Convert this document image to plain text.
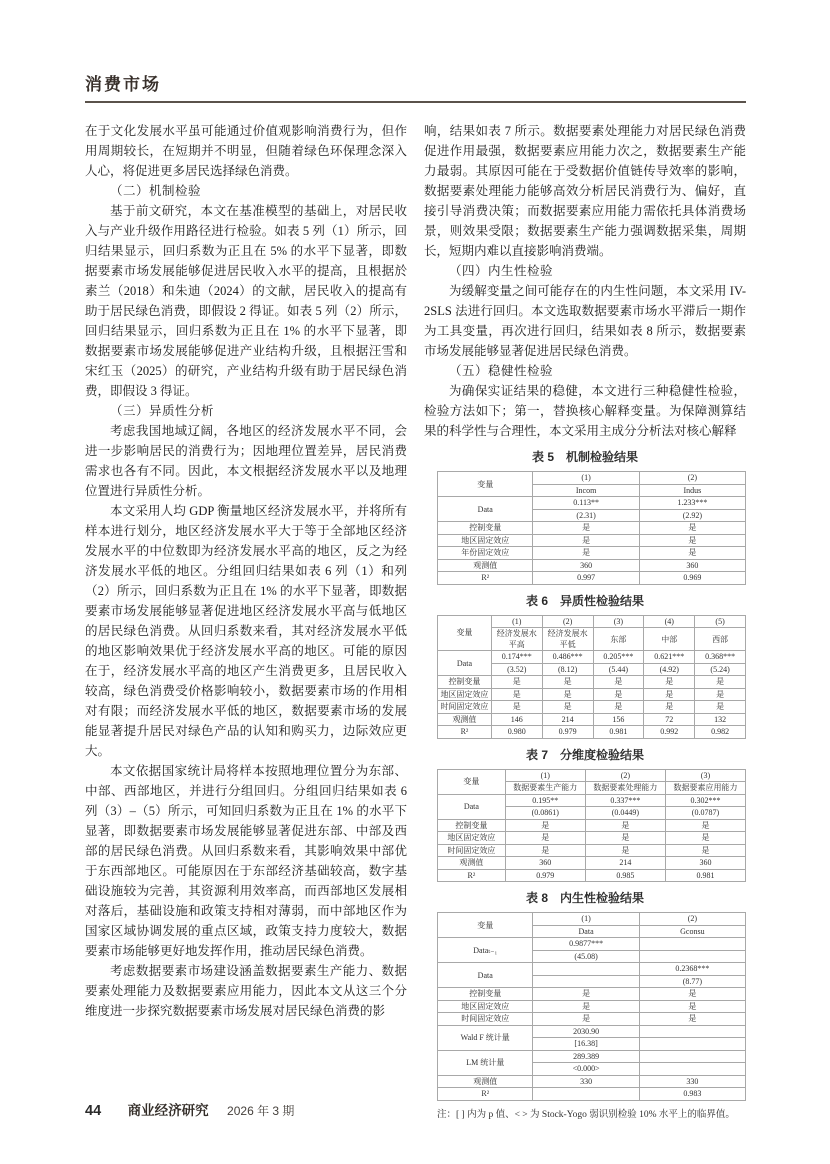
消费市场

在于文化发展水平虽可能通过价值观影响消费行为，但作用周期较长，在短期并不明显，但随着绿色环保理念深入人心，将促进更多居民选择绿色消费。

（二）机制检验

基于前文研究，本文在基准模型的基础上，对居民收入与产业升级作用路径进行检验。如表 5 列（1）所示，回归结果显示，回归系数为正且在 5% 的水平下显著，即数据要素市场发展能够促进居民收入水平的提高，且根据於素兰（2018）和朱迪（2024）的文献，居民收入的提高有助于居民绿色消费，即假设 2 得证。如表 5 列（2）所示，回归结果显示，回归系数为正且在 1% 的水平下显著，即数据要素市场发展能够促进产业结构升级，且根据汪雪和宋红玉（2025）的研究，产业结构升级有助于居民绿色消费，即假设 3 得证。

（三）异质性分析

考虑我国地域辽阔，各地区的经济发展水平不同，会进一步影响居民的消费行为；因地理位置差异，居民消费需求也各有不同。因此，本文根据经济发展水平以及地理位置进行异质性分析。

本文采用人均 GDP 衡量地区经济发展水平，并将所有样本进行划分，地区经济发展水平大于等于全部地区经济发展水平的中位数即为经济发展水平高的地区，反之为经济发展水平低的地区。分组回归结果如表 6 列（1）和列（2）所示，回归系数为正且在 1% 的水平下显著，即数据要素市场发展能够显著促进地区经济发展水平高与低地区的居民绿色消费。从回归系数来看，其对经济发展水平低的地区影响效果优于经济发展水平高的地区。可能的原因在于，经济发展水平高的地区产生消费更多，且居民收入较高，绿色消费受价格影响较小，数据要素市场的作用相对有限；而经济发展水平低的地区，数据要素市场的发展能显著提升居民对绿色产品的认知和购买力，边际效应更大。

本文依据国家统计局将样本按照地理位置分为东部、中部、西部地区，并进行分组回归。分组回归结果如表 6 列（3）–（5）所示，可知回归系数为正且在 1% 的水平下显著，即数据要素市场发展能够显著促进东部、中部及西部的居民绿色消费。从回归系数来看，其影响效果中部优于东西部地区。可能原因在于东部经济基础较高，数字基础设施较为完善，其资源利用效率高，而西部地区发展相对落后，基础设施和政策支持相对薄弱，而中部地区作为国家区域协调发展的重点区域，政策支持力度较大，数据要素市场能够更好地发挥作用，推动居民绿色消费。

考虑数据要素市场建设涵盖数据要素生产能力、数据要素处理能力及数据要素应用能力，因此本文从这三个分维度进一步探究数据要素市场发展对居民绿色消费的影

响，结果如表 7 所示。数据要素处理能力对居民绿色消费促进作用最强，数据要素应用能力次之，数据要素生产能力最弱。其原因可能在于受数据价值链传导效率的影响，数据要素处理能力能够高效分析居民消费行为、偏好，直接引导消费决策；而数据要素应用能力需依托具体消费场景，则效果受限；数据要素生产能力强调数据采集，周期长，短期内难以直接影响消费端。

（四）内生性检验

为缓解变量之间可能存在的内生性问题，本文采用 IV-2SLS 法进行回归。本文选取数据要素市场水平滞后一期作为工具变量，再次进行回归，结果如表 8 所示，数据要素市场发展能够显著促进居民绿色消费。

（五）稳健性检验

为确保实证结果的稳健，本文进行三种稳健性检验，检验方法如下；第一，替换核心解释变量。为保障测算结果的科学性与合理性，本文采用主成分分析法对核心解释

表 5　机制检验结果
变量	(1)	(2)
	Incom	Indus
Data	0.113**	1.233***
	(2.31)	(2.92)
控制变量	是	是
地区固定效应	是	是
年份固定效应	是	是
观测值	360	360
R²	0.997	0.969
表 6　异质性检验结果
变量	(1)	(2)	(3)	(4)	(5)
	经济发展水平高	经济发展水平低	东部	中部	西部
Data	0.174***	0.486***	0.205***	0.621***	0.368***
	(3.52)	(8.12)	(5.44)	(4.92)	(5.24)
控制变量	是	是	是	是	是
地区固定效应	是	是	是	是	是
时间固定效应	是	是	是	是	是
观测值	146	214	156	72	132
R²	0.980	0.979	0.981	0.992	0.982
表 7　分维度检验结果
变量	(1)	(2)	(3)
	数据要素生产能力	数据要素处理能力	数据要素应用能力
Data	0.195**	0.337***	0.302***
	(0.0861)	(0.0449)	(0.0787)
控制变量	是	是	是
地区固定效应	是	是	是
时间固定效应	是	是	是
观测值	360	214	360
R²	0.979	0.985	0.981
表 8　内生性检验结果
变量	(1)	(2)
	Data	Gconsu
Dataₜ₋₁	0.9877***	
	(45.08)	
Data		0.2368***
		(8.77)
控制变量	是	是
地区固定效应	是	是
时间固定效应	是	是
Wald F 统计量	2030.90	
	[16.38]	
LM 统计量	289.389	
	<0.000>	
观测值	330	330
R²		0.983

注：[ ] 内为 p 值、< > 为 Stock-Yogo 弱识别检验 10% 水平上的临界值。

44 商业经济研究 2026 年 3 期
